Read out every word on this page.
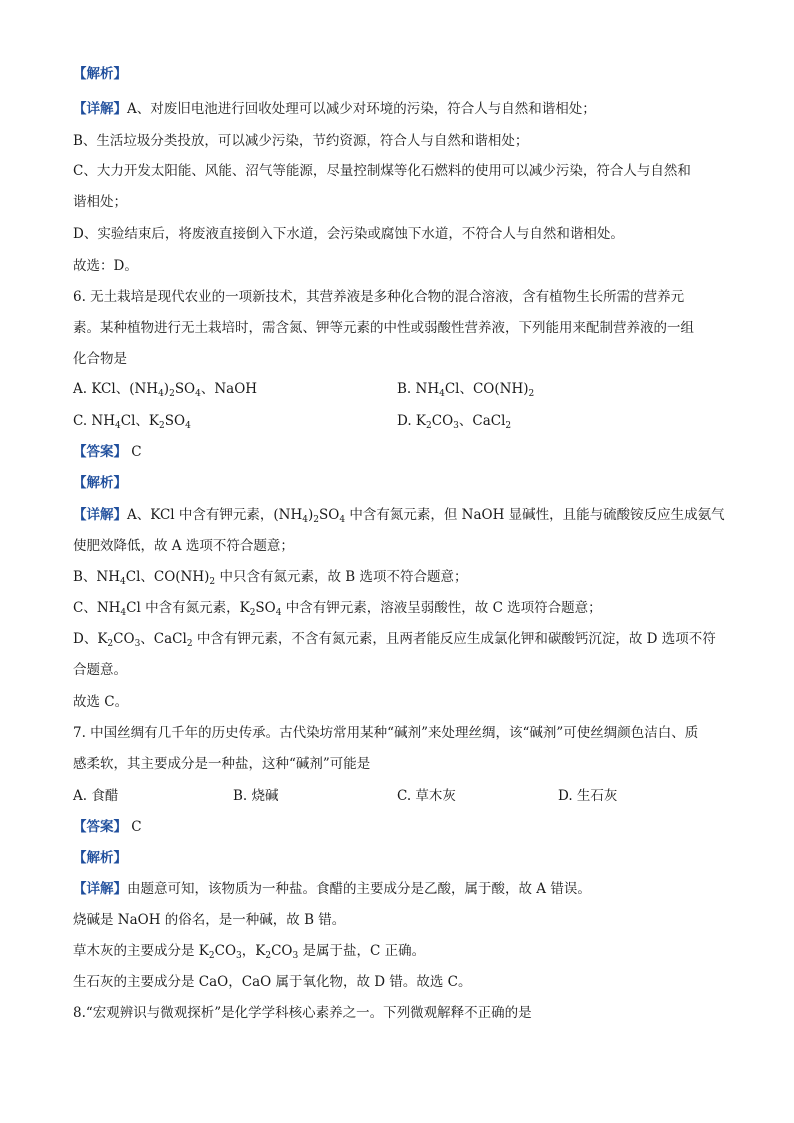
【解析】
【详解】A、对废旧电池进行回收处理可以减少对环境的污染，符合人与自然和谐相处；
B、生活垃圾分类投放，可以减少污染，节约资源，符合人与自然和谐相处；
C、大力开发太阳能、风能、沼气等能源，尽量控制煤等化石燃料的使用可以减少污染，符合人与自然和
谐相处；
D、实验结束后，将废液直接倒入下水道，会污染或腐蚀下水道，不符合人与自然和谐相处。
故选：D。
6. 无土栽培是现代农业的一项新技术，其营养液是多种化合物的混合溶液，含有植物生长所需的营养元
素。某种植物进行无土栽培时，需含氮、钾等元素的中性或弱酸性营养液，下列能用来配制营养液的一组
化合物是
A. KCl、$(NH_4)_2SO_4$、NaOH	B. $NH_4Cl$、$CO(NH)_2$
C. $NH_4Cl$、$K_2SO_4$	D. $K_2CO_3$、CaCl$_2$
【答案】 C
【解析】
【详解】A、KCl 中含有钾元素，$(NH_4)_2SO_4$ 中含有氮元素，但 NaOH 显碱性，且能与硫酸铵反应生成氨气
使肥效降低，故 A 选项不符合题意；
B、$NH_4Cl$、$CO(NH)_2$ 中只含有氮元素，故 B 选项不符合题意；
C、$NH_4Cl$ 中含有氮元素，$K_2SO_4$ 中含有钾元素，溶液呈弱酸性，故 C 选项符合题意；
D、$K_2CO_3$、CaCl$_2$ 中含有钾元素，不含有氮元素，且两者能反应生成氯化钾和碳酸钙沉淀，故 D 选项不符
合题意。
故选 C。
7. 中国丝绸有几千年的历史传承。古代染坊常用某种“碱剂”来处理丝绸，该“碱剂”可使丝绸颜色洁白、质
感柔软，其主要成分是一种盐，这种“碱剂”可能是
A. 食醋	B. 烧碱	C. 草木灰	D. 生石灰
【答案】 C
【解析】
【详解】由题意可知，该物质为一种盐。食醋的主要成分是乙酸，属于酸，故 A 错误。
烧碱是 NaOH 的俗名，是一种碱，故 B 错。
草木灰的主要成分是 $K_2CO_3$，$K_2CO_3$ 是属于盐，C 正确。
生石灰的主要成分是 CaO，CaO 属于氧化物，故 D 错。故选 C。
8.“宏观辨识与微观探析”是化学学科核心素养之一。下列微观解释不正确的是
